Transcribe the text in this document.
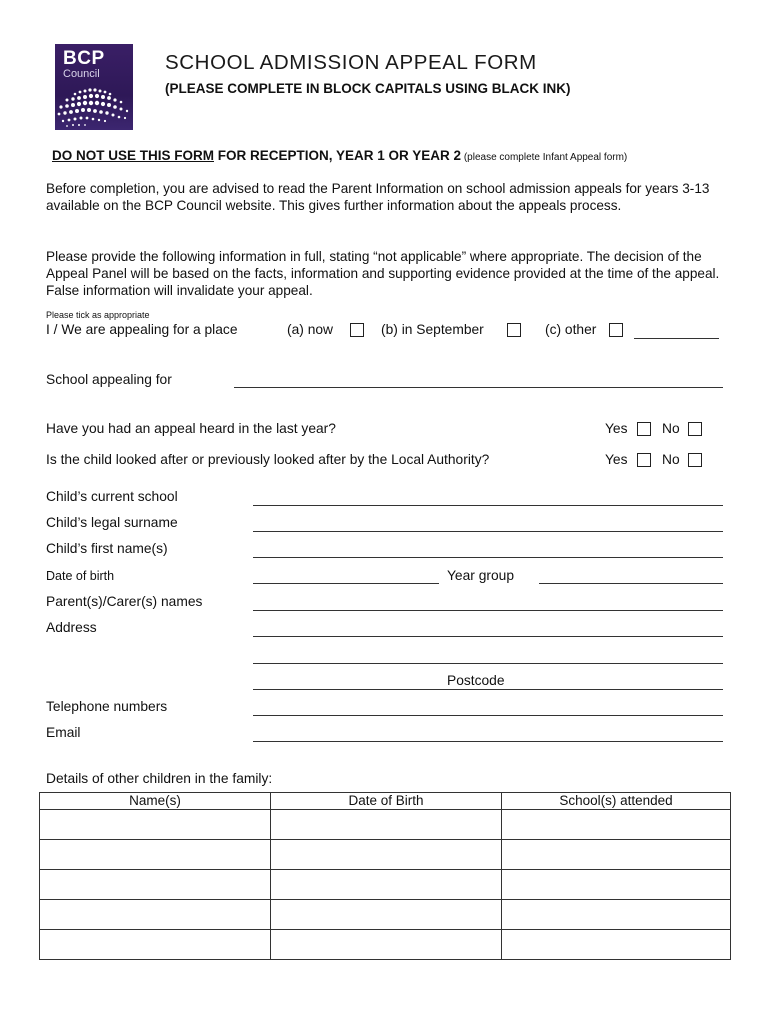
BCP
Council	SCHOOL ADMISSION APPEAL FORM
(PLEASE COMPLETE IN BLOCK CAPITALS USING BLACK INK)
DO NOT USE THIS FORM FOR RECEPTION, YEAR 1 OR YEAR 2 (please complete Infant Appeal form)
Before completion, you are advised to read the Parent Information on school admission appeals for years 3-13 available on the BCP Council website. This gives further information about the appeals process.
Please provide the following information in full, stating “not applicable” where appropriate. The decision of the Appeal Panel will be based on the facts, information and supporting evidence provided at the time of the appeal. False information will invalidate your appeal.
Please tick as appropriate
I / We are appealing for a place	(a) now	(b) in September	(c) other
School appealing for
Have you had an appeal heard in the last year?	Yes No
Is the child looked after or previously looked after by the Local Authority?	Yes No
Child’s current school
Child’s legal surname
Child’s first name(s)
Date of birth	Year group
Parent(s)/Carer(s) names
Address
Postcode
Telephone numbers
Email
Details of other children in the family:
Name(s)	Date of Birth	School(s) attended
